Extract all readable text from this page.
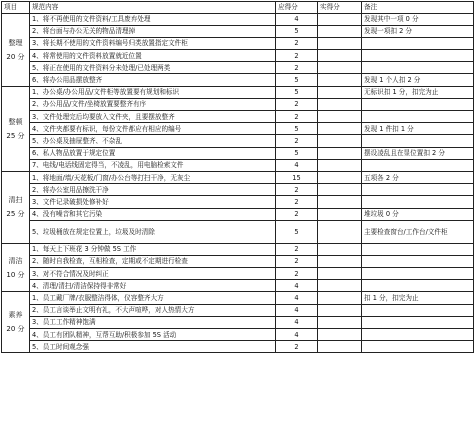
项目	规范内容	应得分	实得分	备注

整理
20 分	1、将不再使用的文件资料/工具废弃处理	4		发现其中一项 0 分
	2、将台面与办公无关的物品清理掉	5		发现一项扣 2 分
	3、将长期不使用的文件资料编号归类放置指定文件柜	2		
	4、将常使用的文件资料放置就近位置	2		
	5、将正在使用的文件资料分未处理/已处理两类	2		
	6、将办公用品摆放整齐	5		发现 1 个人扣 2 分

整顿
25 分	1、办公桌/办公用品/文件柜等放置要有规划和标识	5		无标识扣 1 分，扣完为止
	2、办公用品/文件/坐椅放置要整齐有序	2		
	3、文件处理完后均要放入文件夹，且要摆放整齐	2		
	4、文件夹都要有标识，每份文件都应有相应的编号	5		发现 1 件扣 1 分
	5、办公桌及抽屉整齐、不杂乱	2		
	6、私人物品放置于规定位置	5		摆设凌乱且在显位置扣 2 分
	7、电线/电话线固定得当，不凌乱，用电脑检索文件	4		

清扫
25 分	1、将地面/墙/天花板/门窗/办公台等打扫干净，无灰尘	15		五项各 2 分
	2、将办公室用品擦洗干净	2		
	3、文件记录破损处修补好	2		
	4、没有噪音和其它污染	2		堆垃圾 0 分
	5、垃圾桶放在规定位置上，垃圾及时清除	5		主要检查窗台/工作台/文件柜

清洁
10 分	1、每天上下班花 3 分钟做 5S 工作	2		
	2、随时自我检查，互相检查，定期或不定期进行检查	2		
	3、对不符合情况及时纠正	2		
	4、清理/清扫/清洁保持得非常好	4		

素养
20 分	1、员工戴厂牌/衣服整洁得体，仪容整齐大方	4		扣 1 分，扣完为止
	2、员工言谈举止文明有礼，不大声喧哗，对人热情大方	4		
	3、员工工作精神饱满	4		
	4、员工有团队精神，互帮互助/积极参加 5S 活动	4		
	5、员工时间观念强	2		
